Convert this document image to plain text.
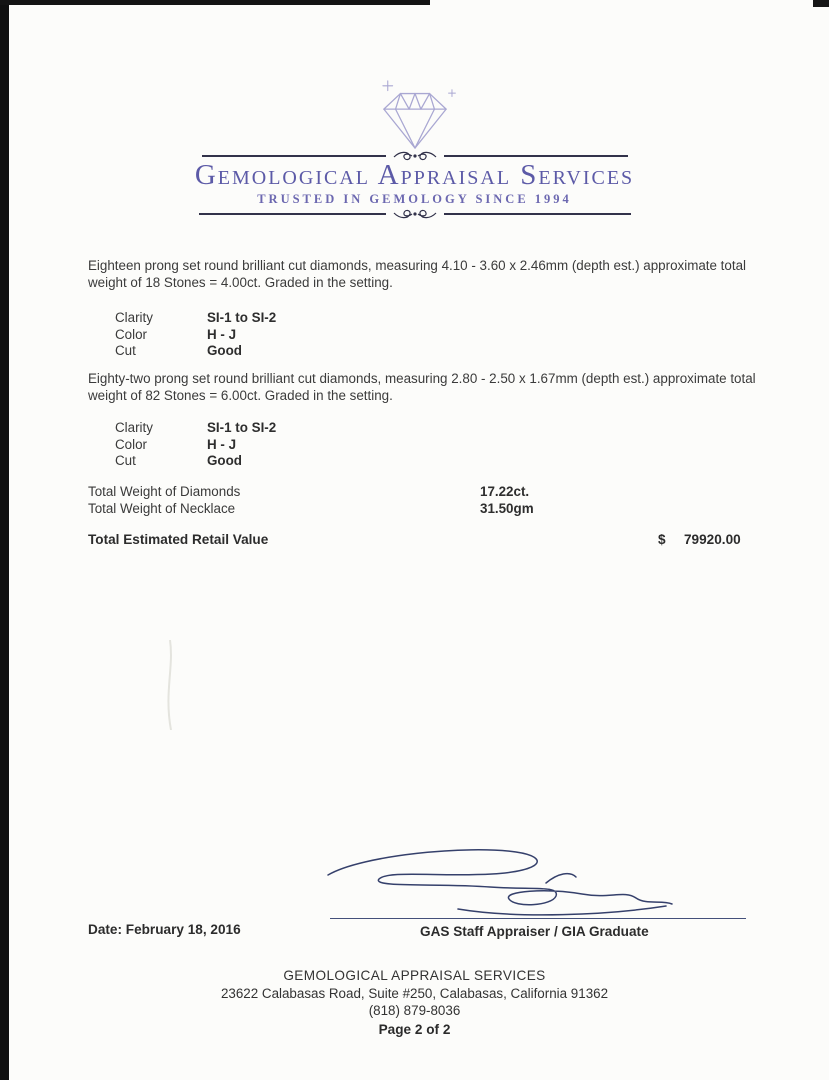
Gemological Appraisal Services
TRUSTED IN GEMOLOGY SINCE 1994
Eighteen prong set round brilliant cut diamonds, measuring 4.10 - 3.60 x 2.46mm (depth est.) approximate total weight of 18 Stones = 4.00ct. Graded in the setting.
Clarity	SI-1 to SI-2
Color	H - J
Cut	Good
Eighty-two prong set round brilliant cut diamonds, measuring 2.80 - 2.50 x 1.67mm (depth est.) approximate total weight of 82 Stones = 6.00ct. Graded in the setting.
Clarity	SI-1 to SI-2
Color	H - J
Cut	Good
Total Weight of Diamonds	17.22ct.
Total Weight of Necklace	31.50gm
Total Estimated Retail Value	$ 79920.00
Date: February 18, 2016	GAS Staff Appraiser / GIA Graduate
GEMOLOGICAL APPRAISAL SERVICES
23622 Calabasas Road, Suite #250, Calabasas, California 91362
(818) 879-8036
Page 2 of 2
